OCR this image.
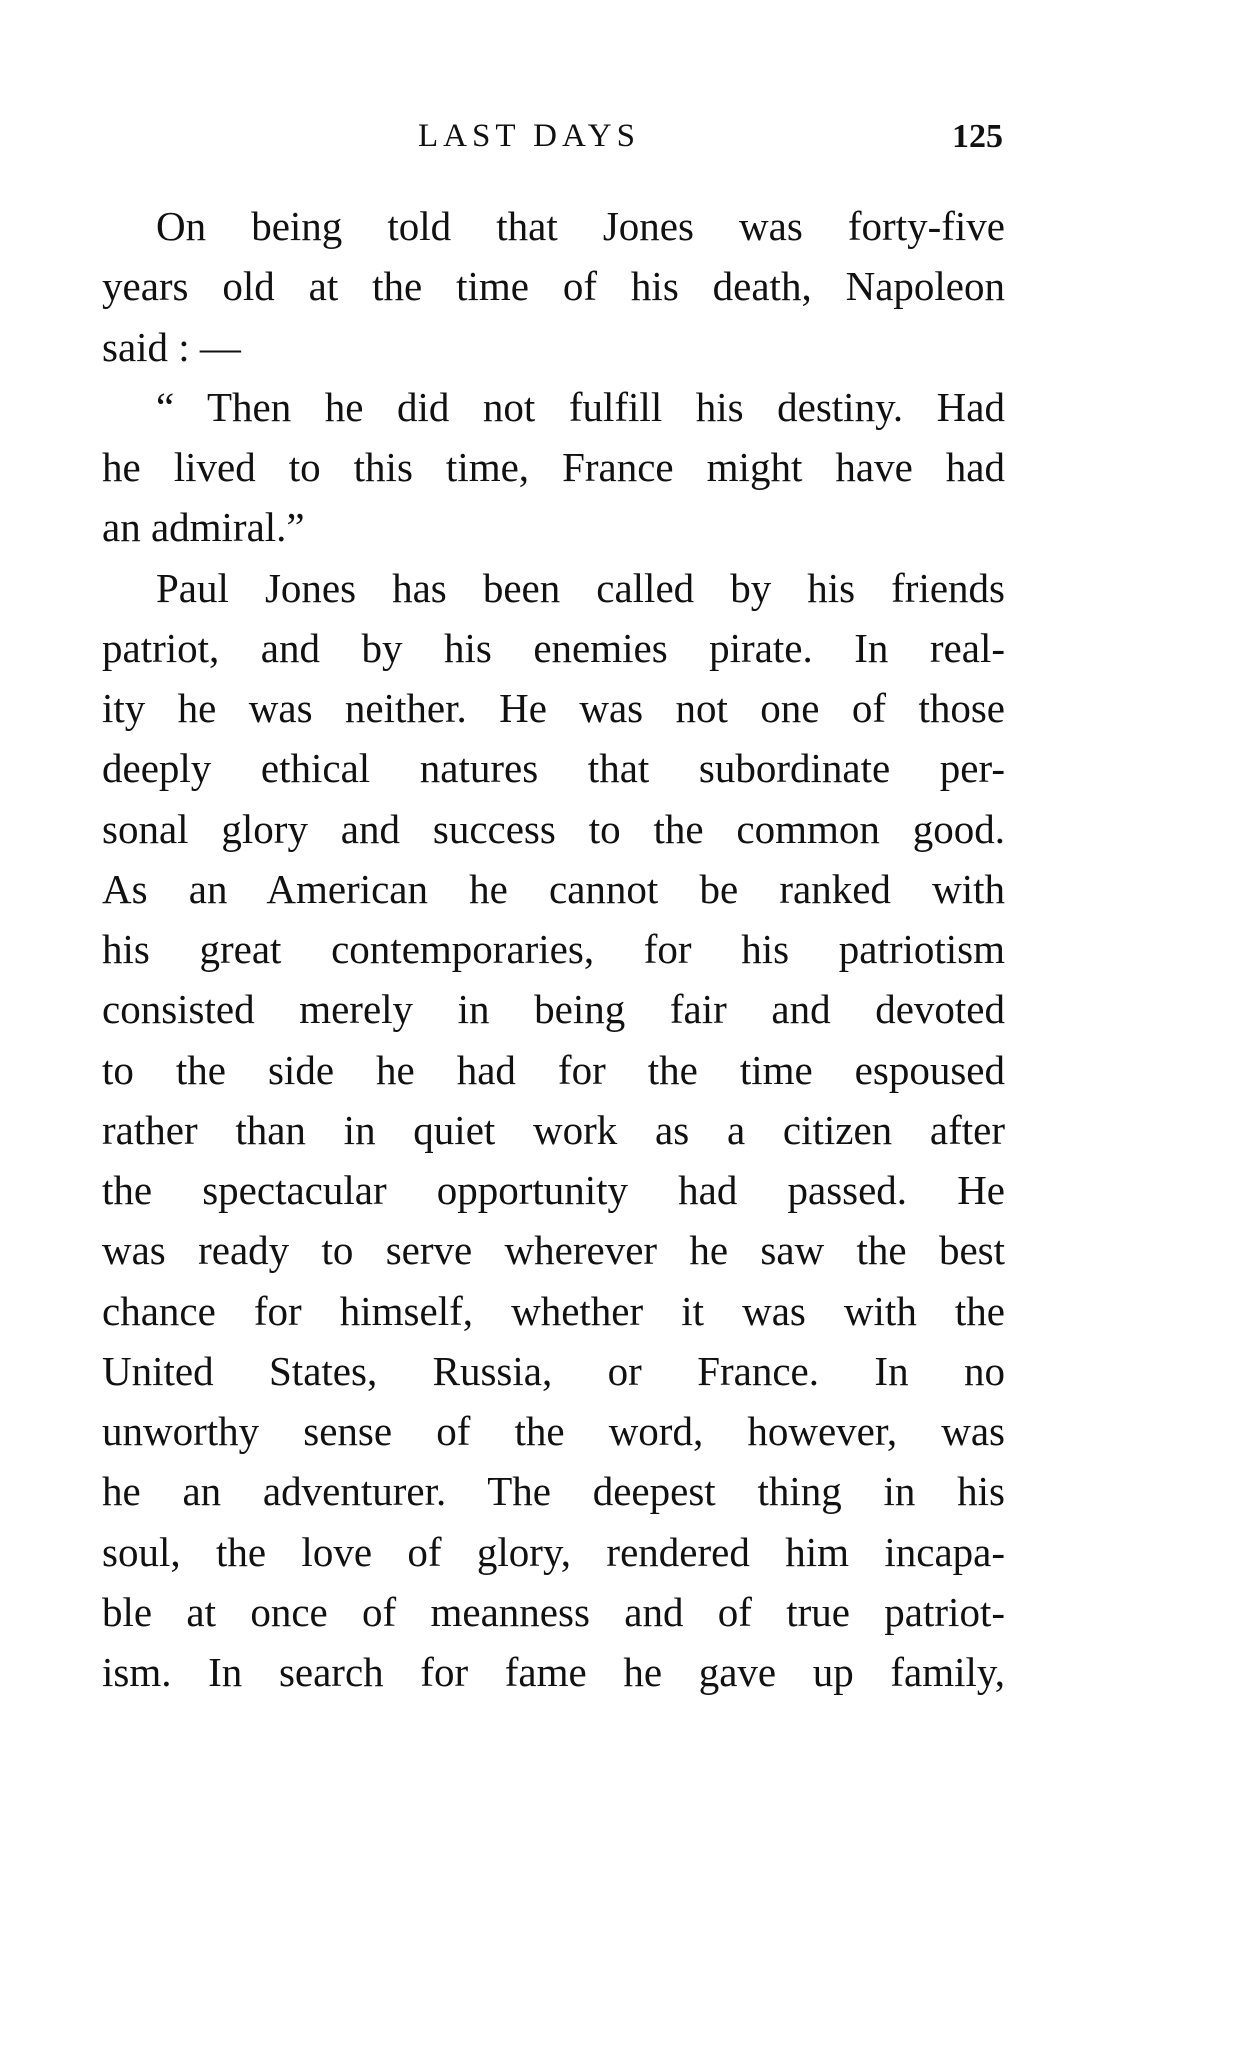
LAST DAYS	125
On being told that Jones was forty-five
years old at the time of his death, Napoleon
said : —
“ Then he did not fulfill his destiny. Had
he lived to this time, France might have had
an admiral.”
Paul Jones has been called by his friends
patriot, and by his enemies pirate. In real-
ity he was neither. He was not one of those
deeply ethical natures that subordinate per-
sonal glory and success to the common good.
As an American he cannot be ranked with
his great contemporaries, for his patriotism
consisted merely in being fair and devoted
to the side he had for the time espoused
rather than in quiet work as a citizen after
the spectacular opportunity had passed. He
was ready to serve wherever he saw the best
chance for himself, whether it was with the
United States, Russia, or France. In no
unworthy sense of the word, however, was
he an adventurer. The deepest thing in his
soul, the love of glory, rendered him incapa-
ble at once of meanness and of true patriot-
ism. In search for fame he gave up family,
